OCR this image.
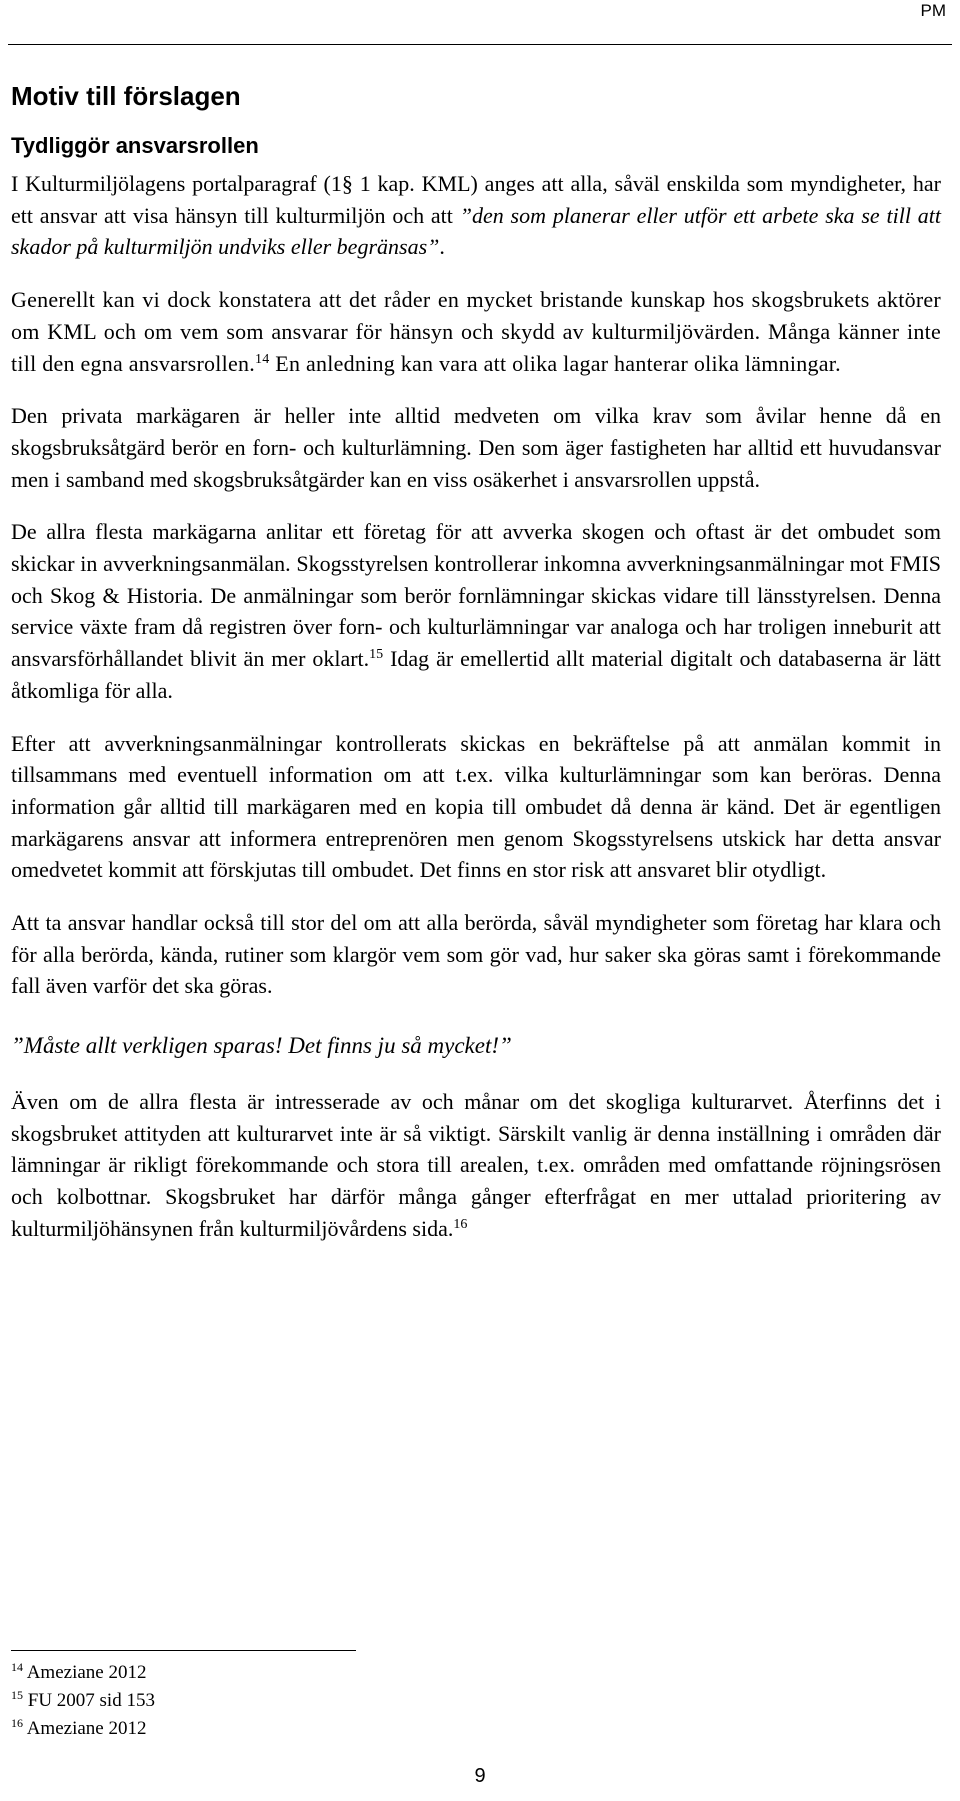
PM
Motiv till förslagen
Tydliggör ansvarsrollen

I Kulturmiljölagens portalparagraf (1§ 1 kap. KML) anges att alla, såväl enskilda som myndigheter, har ett ansvar att visa hänsyn till kulturmiljön och att ”den som planerar eller utför ett arbete ska se till att skador på kulturmiljön undviks eller begränsas”.

Generellt kan vi dock konstatera att det råder en mycket bristande kunskap hos skogsbrukets aktörer om KML och om vem som ansvarar för hänsyn och skydd av kulturmiljövärden. Många känner inte till den egna ansvarsrollen.$^{14}$ En anledning kan vara att olika lagar hanterar olika lämningar.

Den privata markägaren är heller inte alltid medveten om vilka krav som åvilar henne då en skogsbruksåtgärd berör en forn- och kulturlämning. Den som äger fastigheten har alltid ett huvudansvar men i samband med skogsbruksåtgärder kan en viss osäkerhet i ansvarsrollen uppstå.

De allra flesta markägarna anlitar ett företag för att avverka skogen och oftast är det ombudet som skickar in avverkningsanmälan. Skogsstyrelsen kontrollerar inkomna avverkningsanmälningar mot FMIS och Skog & Historia. De anmälningar som berör fornlämningar skickas vidare till länsstyrelsen. Denna service växte fram då registren över forn- och kulturlämningar var analoga och har troligen inneburit att ansvarsförhållandet blivit än mer oklart.$^{15}$ Idag är emellertid allt material digitalt och databaserna är lätt åtkomliga för alla.

Efter att avverkningsanmälningar kontrollerats skickas en bekräftelse på att anmälan kommit in tillsammans med eventuell information om att t.ex. vilka kulturlämningar som kan beröras. Denna information går alltid till markägaren med en kopia till ombudet då denna är känd. Det är egentligen markägarens ansvar att informera entreprenören men genom Skogsstyrelsens utskick har detta ansvar omedvetet kommit att förskjutas till ombudet. Det finns en stor risk att ansvaret blir otydligt.

Att ta ansvar handlar också till stor del om att alla berörda, såväl myndigheter som företag har klara och för alla berörda, kända, rutiner som klargör vem som gör vad, hur saker ska göras samt i förekommande fall även varför det ska göras.

”Måste allt verkligen sparas! Det finns ju så mycket!”

Även om de allra flesta är intresserade av och månar om det skogliga kulturarvet. Återfinns det i skogsbruket attityden att kulturarvet inte är så viktigt. Särskilt vanlig är denna inställning i områden där lämningar är rikligt förekommande och stora till arealen, t.ex. områden med omfattande röjningsrösen och kolbottnar. Skogsbruket har därför många gånger efterfrågat en mer uttalad prioritering av kulturmiljöhänsynen från kulturmiljövårdens sida.$^{16}$

$^{14}$ Ameziane 2012
$^{15}$ FU 2007 sid 153
$^{16}$ Ameziane 2012
9
